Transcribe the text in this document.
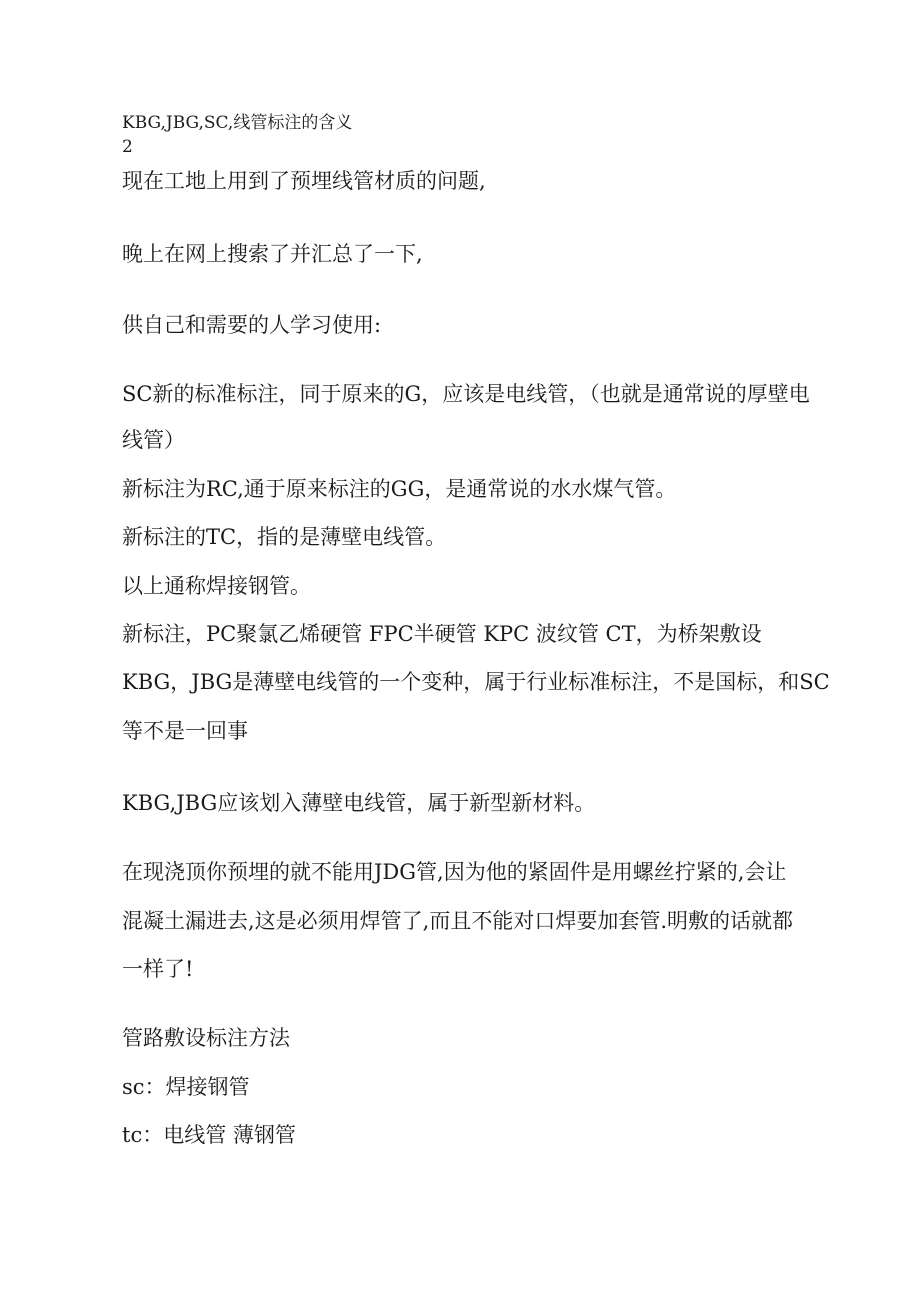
KBG,JBG,SC,线管标注的含义
2
现在工地上用到了预埋线管材质的问题,
晚上在网上搜索了并汇总了一下,
供自己和需要的人学习使用:
SC新的标准标注，同于原来的G，应该是电线管，（也就是通常说的厚壁电
线管）
新标注为RC,通于原来标注的GG，是通常说的水水煤气管。
新标注的TC，指的是薄壁电线管。
以上通称焊接钢管。
新标注，PC聚氯乙烯硬管 FPC半硬管 KPC 波纹管 CT，为桥架敷设
KBG，JBG是薄壁电线管的一个变种，属于行业标准标注，不是国标，和SC
等不是一回事
KBG,JBG应该划入薄壁电线管，属于新型新材料。
在现浇顶你预埋的就不能用JDG管,因为他的紧固件是用螺丝拧紧的,会让
混凝土漏进去,这是必须用焊管了,而且不能对口焊要加套管.明敷的话就都
一样了!
管路敷设标注方法
sc：焊接钢管
tc：电线管 薄钢管
